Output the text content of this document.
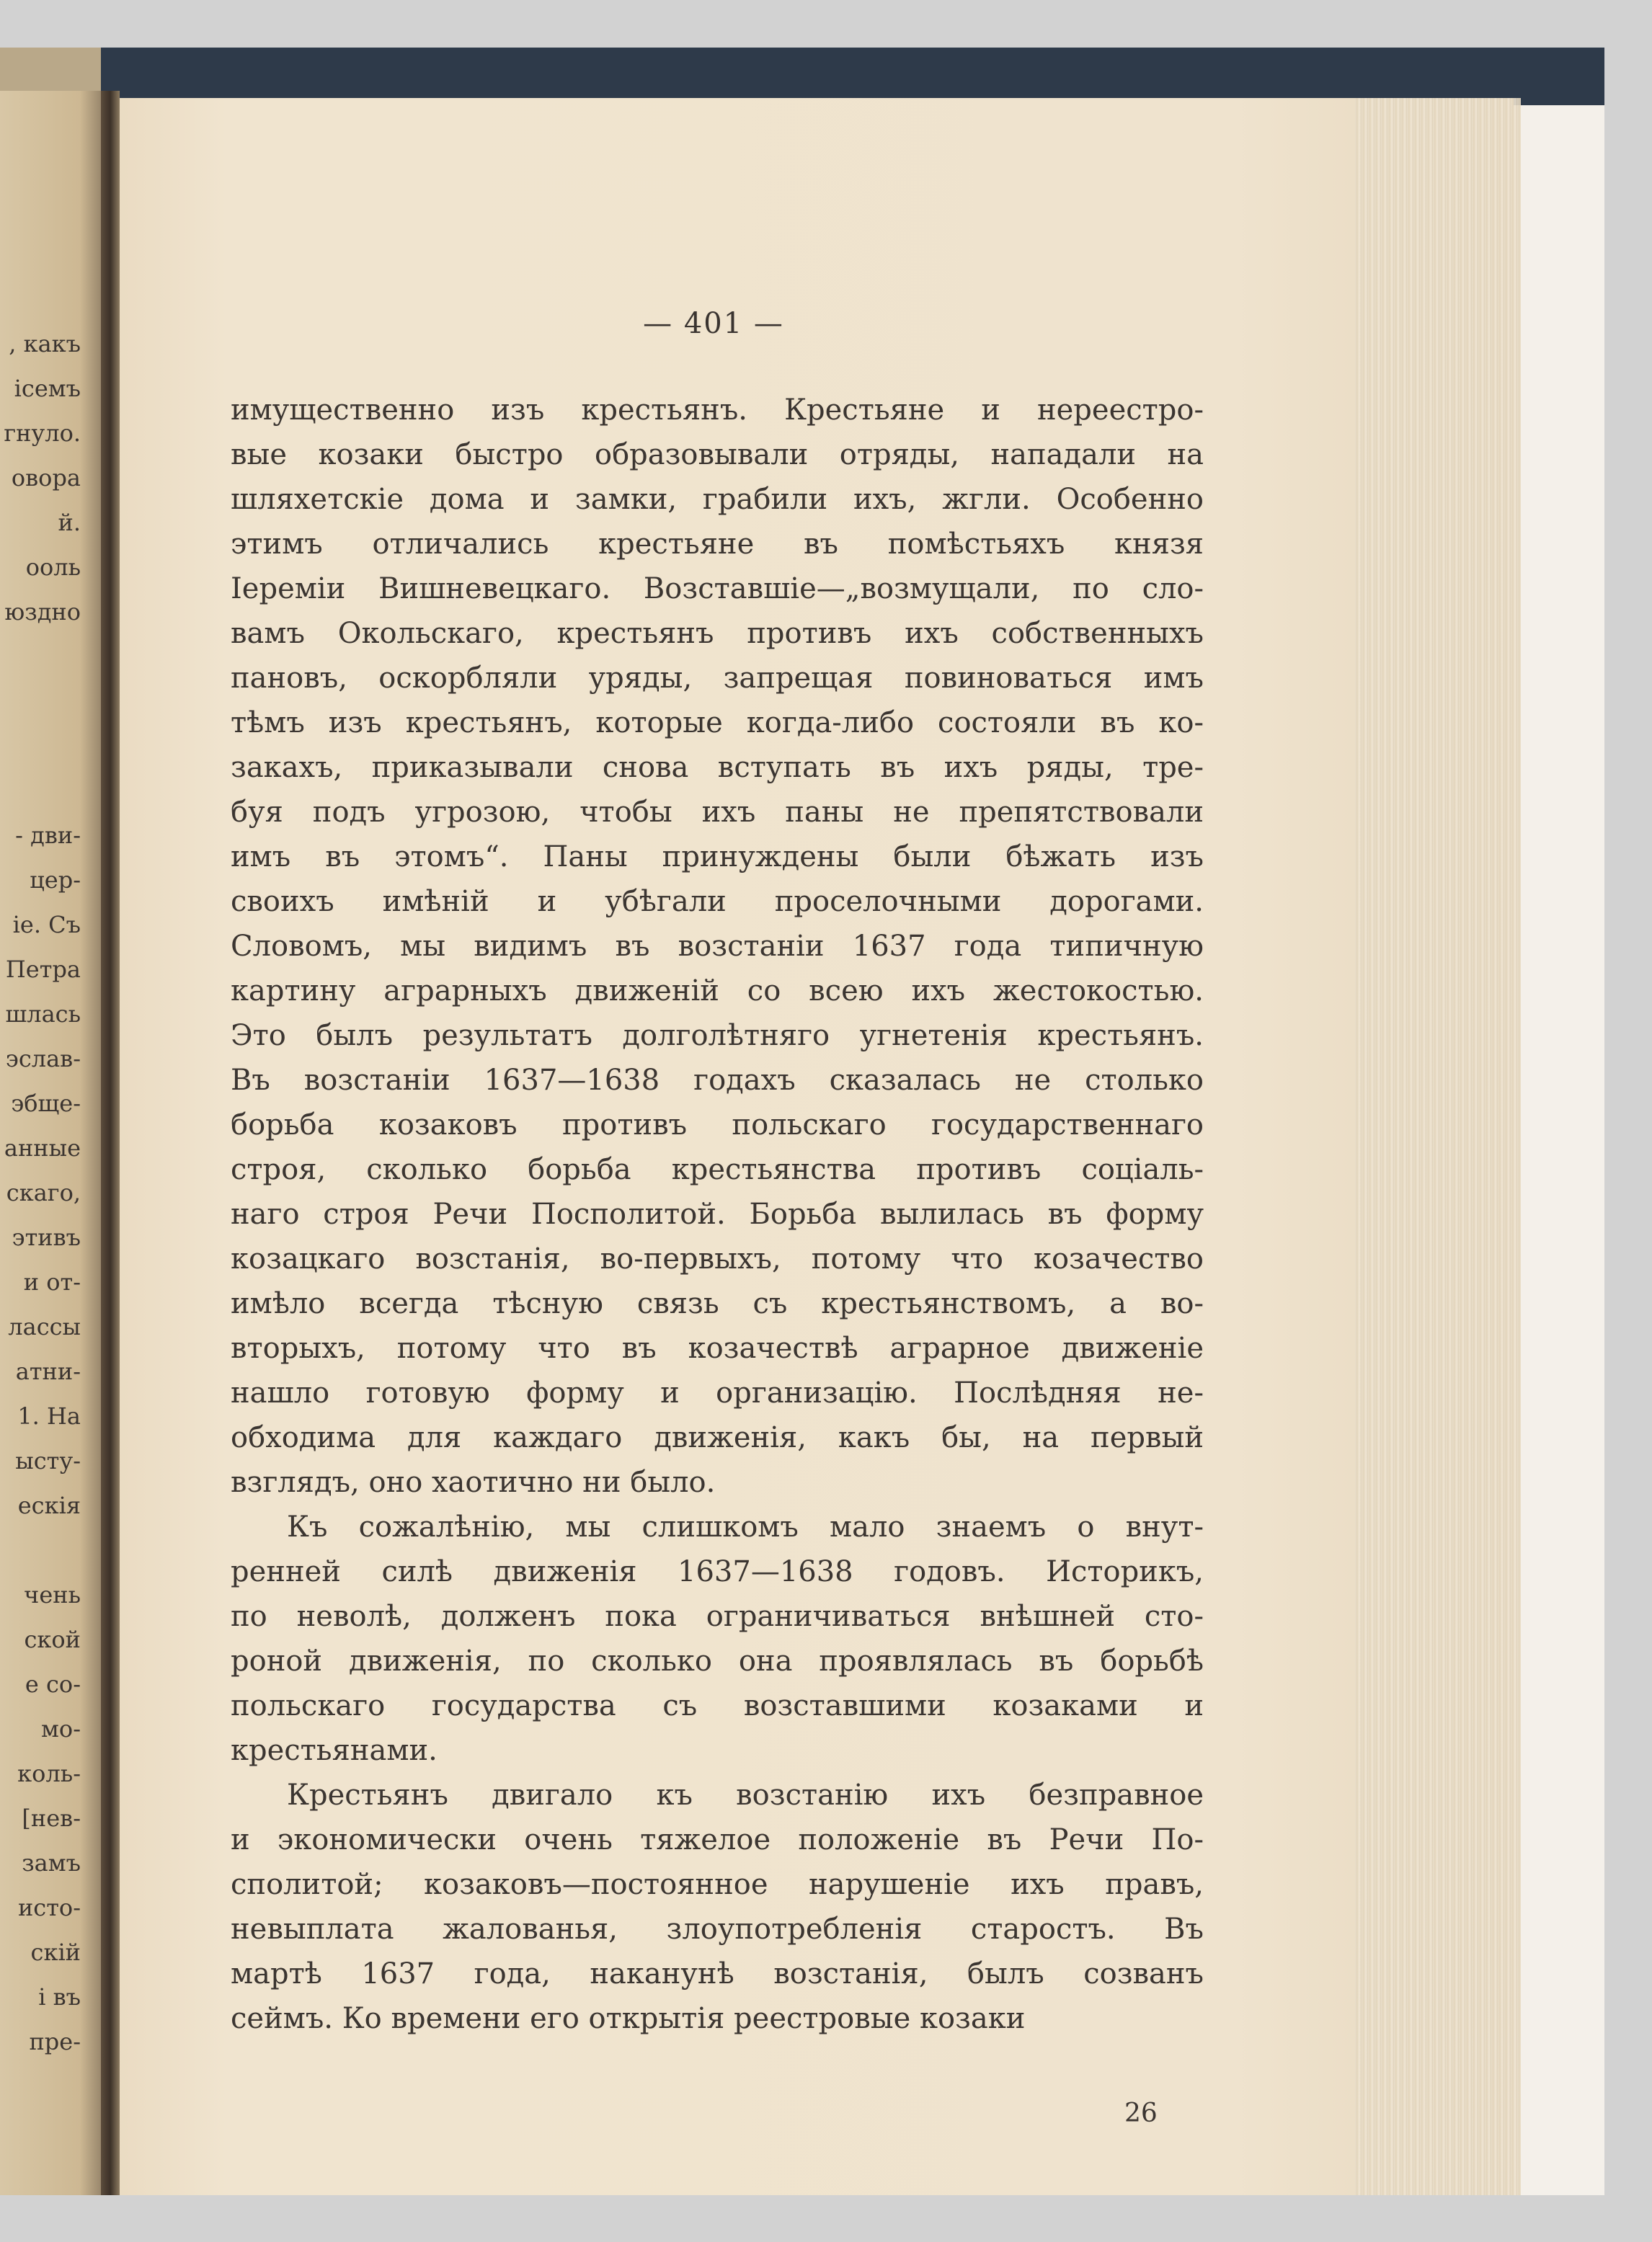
— 401 —
имущественно изъ крестьянъ. Крестьяне и нереестро-
вые козаки быстро образовывали отряды, нападали на
шляхетскіе дома и замки, грабили ихъ, жгли. Особенно
этимъ отличались крестьяне въ помѣстьяхъ князя
Іереміи Вишневецкаго. Возставшіе—„возмущали, по сло-
вамъ Окольскаго, крестьянъ противъ ихъ собственныхъ
пановъ, оскорбляли уряды, запрещая повиноваться имъ
тѣмъ изъ крестьянъ, которые когда-либо состояли въ ко-
закахъ, приказывали снова вступать въ ихъ ряды, тре-
буя подъ угрозою, чтобы ихъ паны не препятствовали
имъ въ этомъ“. Паны принуждены были бѣжать изъ
своихъ имѣній и убѣгали проселочными дорогами.
Словомъ, мы видимъ въ возстаніи 1637 года типичную
картину аграрныхъ движеній со всею ихъ жестокостью.
Это былъ результатъ долголѣтняго угнетенія крестьянъ.
Въ возстаніи 1637—1638 годахъ сказалась не столько
борьба козаковъ противъ польскаго государственнаго
строя, сколько борьба крестьянства противъ соціаль-
наго строя Речи Посполитой. Борьба вылилась въ форму
козацкаго возстанія, во-первыхъ, потому что козачество
имѣло всегда тѣсную связь съ крестьянствомъ, а во-
вторыхъ, потому что въ козачествѣ аграрное движеніе
нашло готовую форму и организацію. Послѣдняя не-
обходима для каждаго движенія, какъ бы, на первый
взглядъ, оно хаотично ни было.
Къ сожалѣнію, мы слишкомъ мало знаемъ о внут-
ренней силѣ движенія 1637—1638 годовъ. Историкъ,
по неволѣ, долженъ пока ограничиваться внѣшней сто-
роной движенія, по сколько она проявлялась въ борьбѣ
польскаго государства съ возставшими козаками и
крестьянами.
Крестьянъ двигало къ возстанію ихъ безправное
и экономически очень тяжелое положеніе въ Речи По-
сполитой; козаковъ—постоянное нарушеніе ихъ правъ,
невыплата жалованья, злоупотребленія старостъ. Въ
мартѣ 1637 года, наканунѣ возстанія, былъ созванъ
сеймъ. Ко времени его открытія реестровые козаки
26
, какъ
ісемъ
гнуло.
овора
й.
ооль
юздно
- дви-
цер-
ie. Съ
Петра
шлась
эслав-
эбще-
анные
скаго,
этивъ
и от-
лассы
атни-
1. На
ысту-
ескія
чень
ской
е со-
мо-
коль-
[нев-
замъ
исто-
скій
і въ
пре-
